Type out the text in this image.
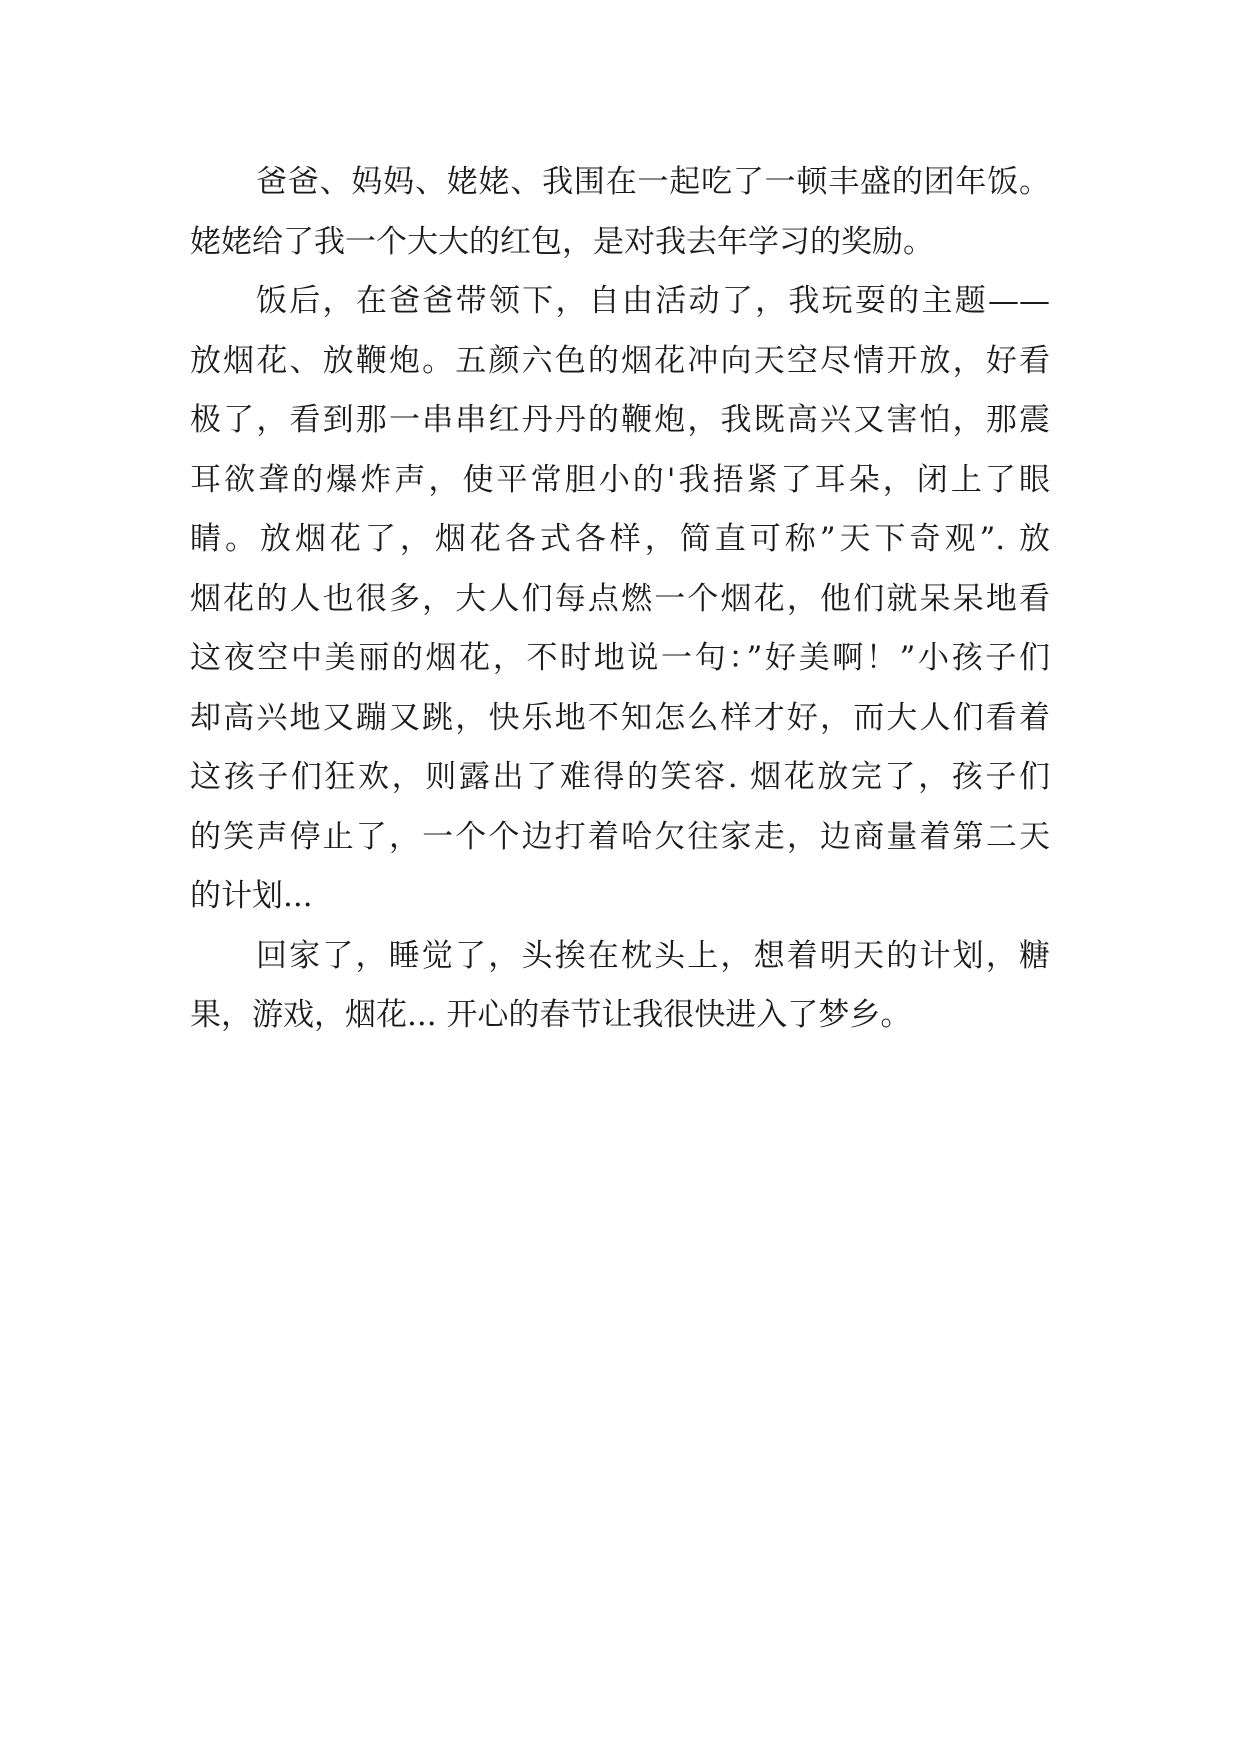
爸爸、妈妈、姥姥、我围在一起吃了一顿丰盛的团年饭。
姥姥给了我一个大大的红包，是对我去年学习的奖励。
饭后，在爸爸带领下，自由活动了，我玩耍的主题——
放烟花、放鞭炮。五颜六色的烟花冲向天空尽情开放，好看
极了，看到那一串串红丹丹的鞭炮，我既高兴又害怕，那震
耳欲聋的爆炸声，使平常胆小的'我捂紧了耳朵，闭上了眼
睛。放烟花了，烟花各式各样，简直可称”天下奇观”. 放
烟花的人也很多，大人们每点燃一个烟花，他们就呆呆地看
这夜空中美丽的烟花，不时地说一句：”好美啊！”小孩子们
却高兴地又蹦又跳，快乐地不知怎么样才好，而大人们看着
这孩子们狂欢，则露出了难得的笑容. 烟花放完了，孩子们
的笑声停止了，一个个边打着哈欠往家走，边商量着第二天
的计划...
回家了，睡觉了，头挨在枕头上，想着明天的计划，糖
果，游戏，烟花... 开心的春节让我很快进入了梦乡。
